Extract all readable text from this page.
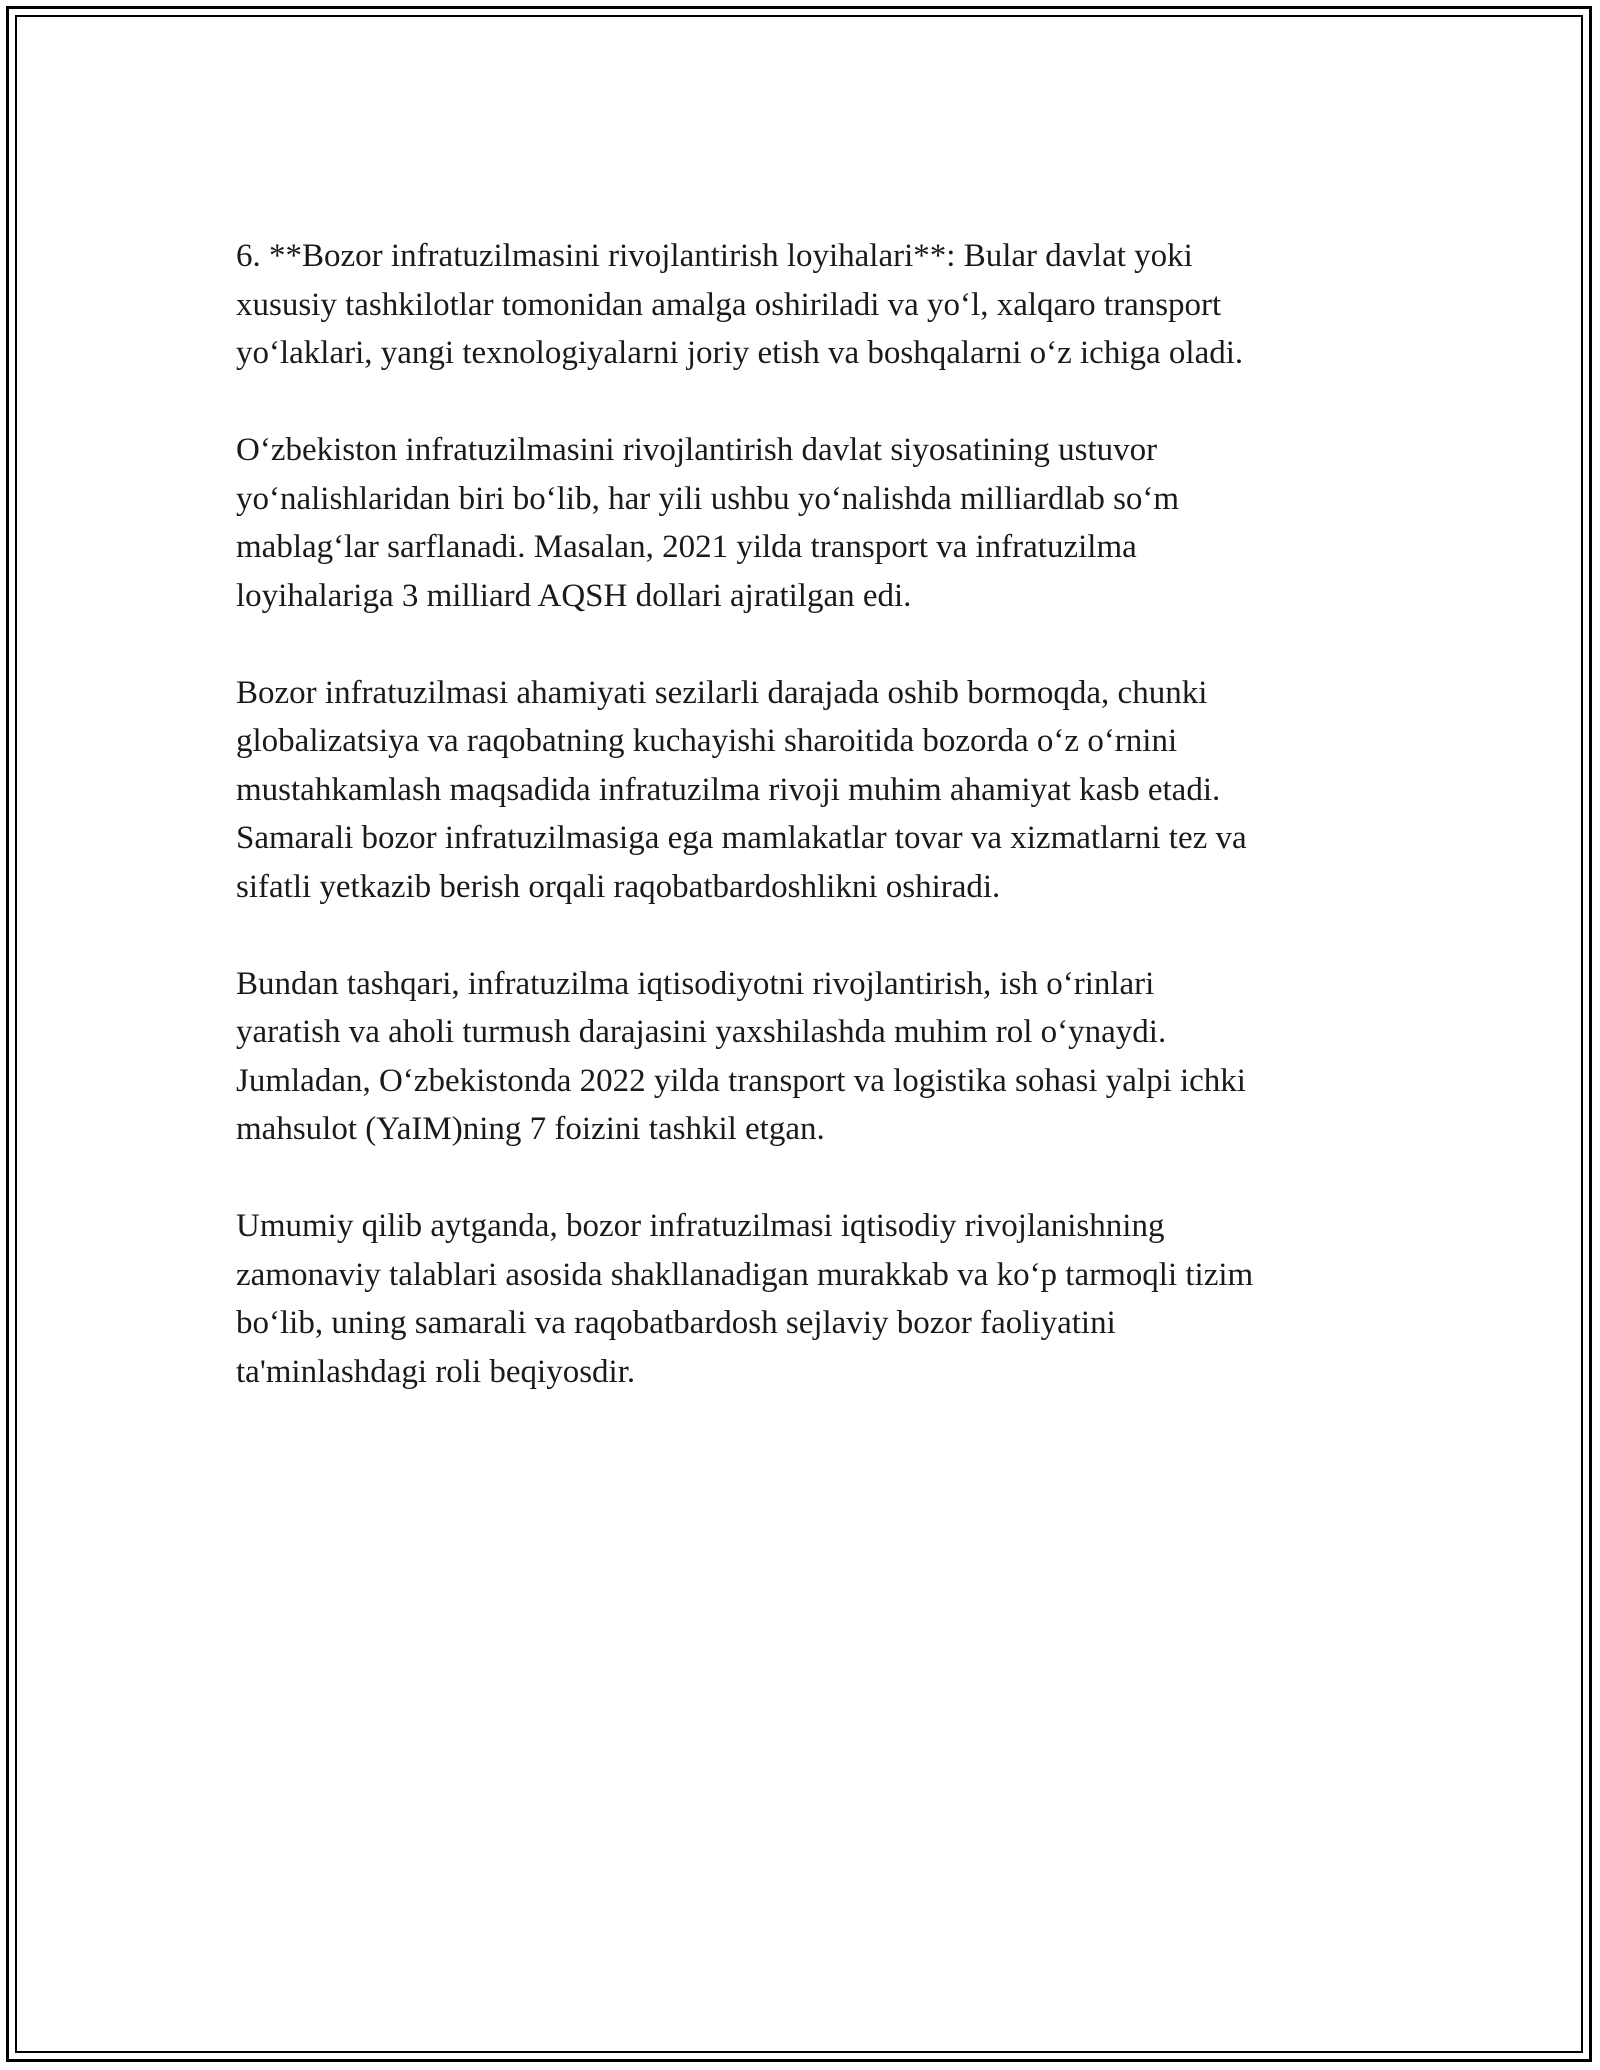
6. **Bozor infratuzilmasini rivojlantirish loyihalari**: Bular davlat yoki
xususiy tashkilotlar tomonidan amalga oshiriladi va yo‘l, xalqaro transport
yo‘laklari, yangi texnologiyalarni joriy etish va boshqalarni o‘z ichiga oladi.

O‘zbekiston infratuzilmasini rivojlantirish davlat siyosatining ustuvor
yo‘nalishlaridan biri bo‘lib, har yili ushbu yo‘nalishda milliardlab so‘m
mablag‘lar sarflanadi. Masalan, 2021 yilda transport va infratuzilma
loyihalariga 3 milliard AQSH dollari ajratilgan edi.

Bozor infratuzilmasi ahamiyati sezilarli darajada oshib bormoqda, chunki
globalizatsiya va raqobatning kuchayishi sharoitida bozorda o‘z o‘rnini
mustahkamlash maqsadida infratuzilma rivoji muhim ahamiyat kasb etadi.
Samarali bozor infratuzilmasiga ega mamlakatlar tovar va xizmatlarni tez va
sifatli yetkazib berish orqali raqobatbardoshlikni oshiradi.

Bundan tashqari, infratuzilma iqtisodiyotni rivojlantirish, ish o‘rinlari
yaratish va aholi turmush darajasini yaxshilashda muhim rol o‘ynaydi.
Jumladan, O‘zbekistonda 2022 yilda transport va logistika sohasi yalpi ichki
mahsulot (YaIM)ning 7 foizini tashkil etgan.

Umumiy qilib aytganda, bozor infratuzilmasi iqtisodiy rivojlanishning
zamonaviy talablari asosida shakllanadigan murakkab va ko‘p tarmoqli tizim
bo‘lib, uning samarali va raqobatbardosh sejlaviy bozor faoliyatini
ta'minlashdagi roli beqiyosdir.
